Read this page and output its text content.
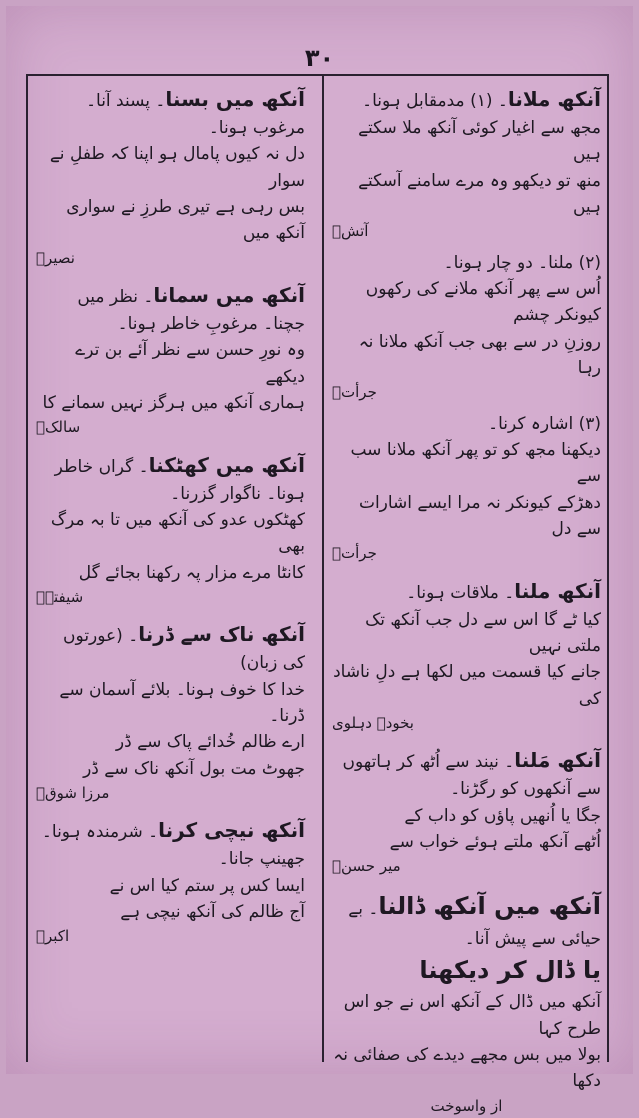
۳۰

آنکھ ملانا۔ (۱) مدمقابل ہونا۔

مجھ سے اغیار کوئی آنکھ ملا سکتے ہیں

منھ تو دیکھو وہ مرے سامنے آسکتے ہیں

آتشؔ

(۲) ملنا۔ دو چار ہونا۔

اُس سے پھر آنکھ ملانے کی رکھوں کیونکر چشم

روزنِ در سے بھی جب آنکھ ملانا نہ رہا

جرأتؔ

(۳) اشارہ کرنا۔

دیکھنا مجھ کو تو پھر آنکھ ملانا سب سے

دھڑکے کیونکر نہ مرا ایسے اشارات سے دل

جرأتؔ

آنکھ ملنا۔ ملاقات ہونا۔

کیا ٹے گا اس سے دل جب آنکھ تک ملتی نہیں

جانے کیا قسمت میں لکھا ہے دلِ ناشاد کی

بخودؔ دہلوی

آنکھ مَلنا۔ نیند سے اُٹھ کر ہاتھوں سے آنکھوں کو رگڑنا۔

جگا یا اُنھیں پاؤں کو داب کے

اُٹھے آنکھ ملتے ہوئے خواب سے

میر حسنؔ

آنکھ میں آنکھ ڈالنا۔ بے حیائی سے پیش آنا۔

یا ڈال کر دیکھنا

آنکھ میں ڈال کے آنکھ اس نے جو اس طرح کہا

بولا میں بس مجھے دیدے کی صفائی نہ دکھا

از واسوخت

آنکھ میں بسنا۔ پسند آنا۔ مرغوب ہونا۔

دل نہ کیوں پامال ہو اپنا کہ طفلِ نے سوار

بس رہی ہے تیری طرزِ نے سواری آنکھ میں

نصیرؔ

آنکھ میں سمانا۔ نظر میں جچنا۔ مرغوبِ خاطر ہونا۔

وہ نورِ حسن سے نظر آئے بن ترے دیکھے

ہماری آنکھ میں ہرگز نہیں سمانے کا

سالکؔ

آنکھ میں کھٹکنا۔ گراں خاطر ہونا۔ ناگوار گزرنا۔

کھٹکوں عدو کی آنکھ میں تا بہ مرگ بھی

کانٹا مرے مزار پہ رکھنا بجائے گل

شیفتہؔ

آنکھ ناک سے ڈرنا۔ (عورتوں کی زبان)

خدا کا خوف ہونا۔ بلائے آسمان سے ڈرنا۔

ارے ظالم خُدائے پاک سے ڈر

جھوٹ مت بول آنکھ ناک سے ڈر

مرزا شوقؔ

آنکھ نیچی کرنا۔ شرمندہ ہونا۔ جھینپ جانا۔

ایسا کس پر ستم کیا اس نے

آج ظالم کی آنکھ نیچی ہے

اکبرؔ
